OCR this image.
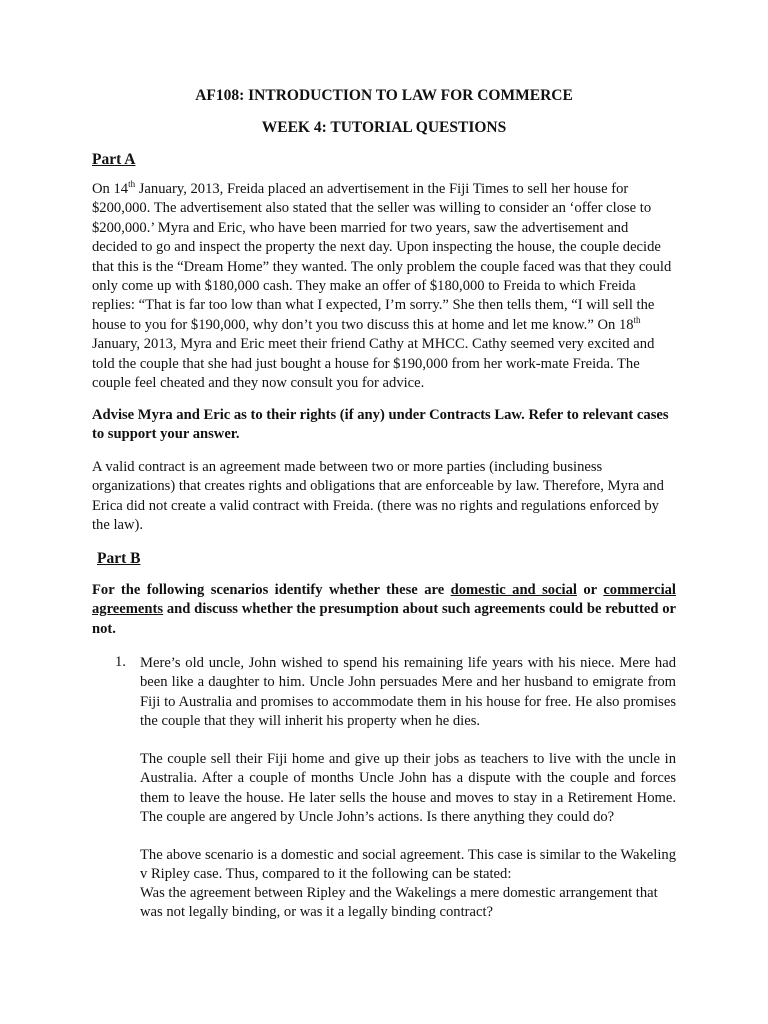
AF108: INTRODUCTION TO LAW FOR COMMERCE
WEEK 4: TUTORIAL QUESTIONS
Part A
On 14th January, 2013, Freida placed an advertisement in the Fiji Times to sell her house for $200,000. The advertisement also stated that the seller was willing to consider an ‘offer close to $200,000.’ Myra and Eric, who have been married for two years, saw the advertisement and decided to go and inspect the property the next day. Upon inspecting the house, the couple decide that this is the “Dream Home” they wanted. The only problem the couple faced was that they could only come up with $180,000 cash. They make an offer of $180,000 to Freida to which Freida replies: “That is far too low than what I expected, I’m sorry.” She then tells them, “I will sell the house to you for $190,000, why don’t you two discuss this at home and let me know.” On 18th January, 2013, Myra and Eric meet their friend Cathy at MHCC. Cathy seemed very excited and told the couple that she had just bought a house for $190,000 from her work-mate Freida. The couple feel cheated and they now consult you for advice.
Advise Myra and Eric as to their rights (if any) under Contracts Law. Refer to relevant cases to support your answer.
A valid contract is an agreement made between two or more parties (including business organizations) that creates rights and obligations that are enforceable by law. Therefore, Myra and Erica did not create a valid contract with Freida. (there was no rights and regulations enforced by the law).
Part B
For the following scenarios identify whether these are domestic and social or commercial agreements and discuss whether the presumption about such agreements could be rebutted or not.
1. Mere’s old uncle, John wished to spend his remaining life years with his niece. Mere had been like a daughter to him. Uncle John persuades Mere and her husband to emigrate from Fiji to Australia and promises to accommodate them in his house for free. He also promises the couple that they will inherit his property when he dies.
The couple sell their Fiji home and give up their jobs as teachers to live with the uncle in Australia. After a couple of months Uncle John has a dispute with the couple and forces them to leave the house. He later sells the house and moves to stay in a Retirement Home. The couple are angered by Uncle John’s actions. Is there anything they could do?
The above scenario is a domestic and social agreement. This case is similar to the Wakeling v Ripley case. Thus, compared to it the following can be stated:
Was the agreement between Ripley and the Wakelings a mere domestic arrangement that was not legally binding, or was it a legally binding contract?
